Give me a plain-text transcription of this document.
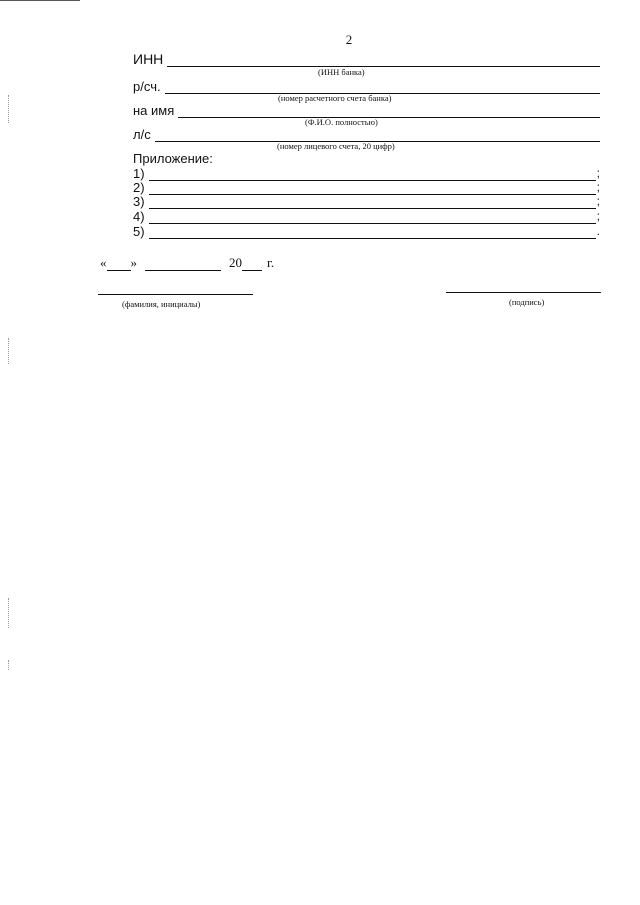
2
ИНН
(ИНН банка)
р/сч.
(номер расчетного счета банка)
на имя
(Ф.И.О. полностью)
л/с
(номер лицевого счета, 20 цифр)
Приложение:
1)	;
2)	;
3)	;
4)	;
5)	.
« »	20 г.
(фамилия, инициалы)	(подпись)
